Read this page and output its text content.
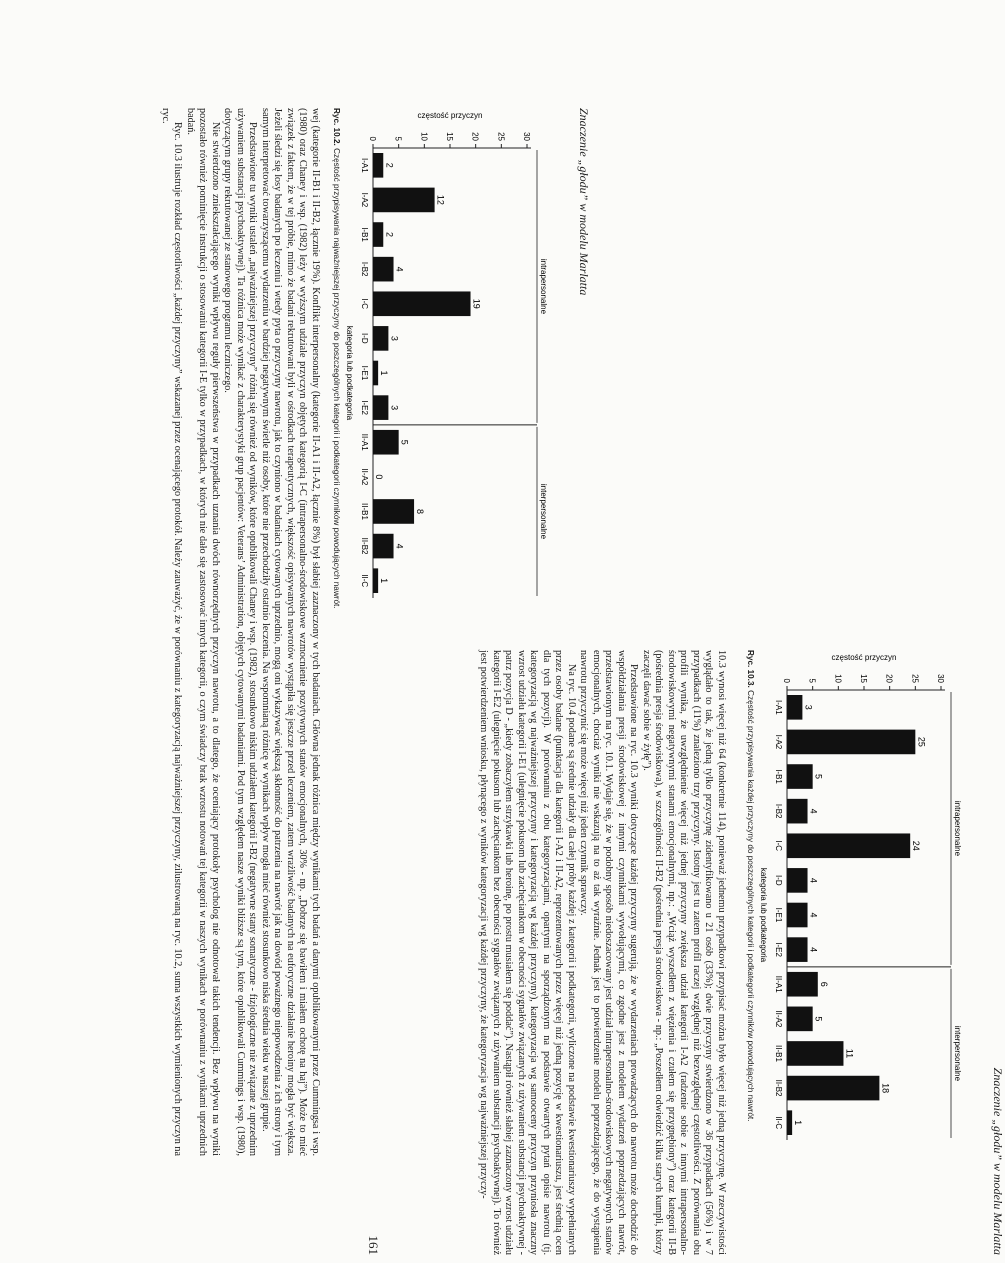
Znaczenie „głodu” w modelu Marlatta
częstość przyczyn
0 5 10 15 20 25 30
intrapersonalne
interpersonalne
2
I-A1
12
I-A2
2
I-B1
4
I-B2
19
I-C
3
I-D
1
I-E1
3
I-E2
5
II-A1
0
II-A2
8
II-B1
4
II-B2
1
II-C
kategoria lub podkategoria
Ryc. 10.2. Częstość przypisywania najważniejszej przyczyny do poszczególnych kategorii i podkategorii czynników powodujących nawrót.

wej (kategorie II-B1 i II-B2, łącznie 19%). Konflikt interpersonalny (kategorie II-A1 i II-A2, łącznie 8%) był słabiej zaznaczony w tych badaniach. Główna jednak różnica między wynikami tych badań a danymi opublikowanymi przez Cummingsa i wsp. (1980) oraz Chaney i wsp. (1982) leży w wyższym udziale przyczyn objętych kategorią I-C (intrapersonalno-środowiskowe wzmocnienie pozytywnych stanów emocjonalnych, 30% - np. „Dobrze się bawiłem i miałem ochotę na haj”). Może to mieć związek z faktem, że w tej próbie, mimo że badani rekrutowani byli w ośrodkach terapeutycznych, większość opisywanych nawrotów wystąpiła się jeszcze przed leczeniem, zatem wrażliwość badanych na euforyczne działanie heroiny mogła być większa. Jeżeli śledzi się losy badanych po leczeniu i wtedy pyta o przyczyny nawrotu, jak to czyniono w badaniach cytowanych uprzednio, mogą oni wykazywać większą skłonność do patrzenia na nawrót jak na dowód poważnego niepowodzenia z ich strony i tym samym interpretować towarzyszącemu wydarzeniu w bardziej negatywnym świetle niż osoby, które nie przechodziły ostatnio leczenia. Na wspomnianą różnicę w wynikach wpływ mogła mieć również stosunkowo niska średnia wieku w naszej grupie.

Przedstawione tu wyniki ustaleń „najważniejszej przyczyny” różnią się również od wyników, które opublikowali Chaney i wsp. (1982), stosunkowo niskim udziałem kategorii I-B2 (negatywne stany somatyczne - fizjologiczne nie związane z uprzednim używaniem substancji psychoaktywnej). Ta różnica może wynikać z charakterystyki grup pacjentów: Veterans’ Administration, objętych cytowanymi badaniami. Pod tym względem nasze wyniki bliższe są tym, które opublikowali Cummings i wsp. (1980), dotyczącym grupy rekrutowanej ze stanowego programu leczniczego.

Nie stwierdzono zniekształcającego wyniki wpływu reguły pierwszeństwa w przypadkach uznania dwóch równorzędnych przyczyn nawrotu, a to dlatego, że oceniający protokoły psycholog nie odnotował takich tendencji. Bez wpływu na wyniki pozostało również pominięcie instrukcji o stosowaniu kategorii I-E tylko w przypadkach, w których nie dało się zastosować innych kategorii, o czym świadczy brak wzrostu notowań tej kategorii w naszych wynikach w porównaniu z wynikami uprzednich badań.

Ryc. 10.3 ilustruje rozkład częstotliwości „każdej przyczyny” wskazanej przez ocenającego protokół. Należy zauważyć, że w porównaniu z kategoryzacją najważniejszej przyczyny, zilustrowaną na ryc. 10.2, suma wszystkich wymienionych przyczyn na ryc.

Znaczenie „głodu” w modelu Marlatta
częstość przyczyn
0 5 10 15 20 25 30
intrapersonalne
interpersonalne
3
I-A1
25
I-A2
5
I-B1
4
I-B2
24
I-C
4
I-D
4
I-E1
4
I-E2
6
II-A1
5
II-A2
11
II-B1
18
II-B2
1
II-C
kategoria lub podkategoria
Ryc. 10.3. Częstość przypisywania każdej przyczyny do poszczególnych kategorii i podkategorii czynników powodujących nawrót.

10.3 wynosi więcej niż 64 (konkretnie 114), ponieważ jednemu przypadkowi przypisać można było więcej niż jedną przyczynę. W rzeczywistości wyglądało to tak, że jedną tylko przyczynę zidentyfikowano u 21 osób (33%); dwie przyczyny stwierdzono w 36 przypadkach (56%) i w 7 przypadkach (11%) znaleziono trzy przyczyny. Istotny jest tu zatem profil raczej względnej niż bezwzględnej częstotliwości. Z porównania obu profili wynika, że uwzględnienie więcej niż jednej przyczyny zwiększa udział kategorii I-A2 (radzenie sobie z innymi intrapersonalno-środowiskowymi negatywnymi stanami emocjonalnymi, np.: „Wciąż wyszedłem z więzienia i czułem się przygnębiony”) oraz kategorii II-B (pośrednia presja środowiskowa), w szczególności II-B2 (pośrednia presja środowiskowa - np.: „Poszedłem odwiedzić kilku starych kumpli, którzy zaczęli dawać sobie w żyłę”).

Przedstawione na ryc. 10.3 wyniki dotyczące każdej przyczyny sugerują, że w wydarzeniach prowadzących do nawrotu może dochodzić do współdziałania presji środowiskowej z innymi czynnikami wywołującymi, co zgodne jest z modelem wydarzeń poprzedzających nawrót, przedstawionym na ryc. 10.1. Wydaje się, że w podobny sposób niedoszacowany jest udział intrapersonalno-środowiskowych negatywnych stanów emocjonalnych, chociaż wyniki nie wskazują na to aż tak wyraźnie. Jednak jest to potwierdzenie modelu poprzedzającego, że do wystąpienia nawrotu przyczynić się może więcej niż jeden czynnik sprawczy.

Na ryc. 10.4 podane są średnie udziały dla całej próby każdej z kategorii i podkategorii, wyliczone na podstawie kwestionariuszy wypełnianych przez osoby badane (punktacja dla kategorii I-A2 i II-A2, reprezentowanych przez więcej niż jedną pozycję w kwestionariuszu, jest średnią ocen dla tych pozycji). W porównaniu z obu kategoryzacjami, opartymi na sporządzonym na podstawie otwartych pytań opisie nawrotu (tj. kategoryzacją wg najważniejszej przyczyny i kategoryzacją wg każdej przyczyny), kategoryzacja wg samooceny przyczyn przyniosła znaczny wzrost udziału kategorii I-E1 (ulegnięcie pokusom lub zachęciankom w obecności sygnałów związanych z używaniem substancji psychoaktywnej - patrz pozycja D - „kiedy zobaczyłem strzykawki lub heroinę, po prostu musiałem się poddać”). Nastąpił również słabiej zaznaczony wzrost udziału kategorii I-E2 (ulegnięcie pokusom lub zachęciankom bez obecności sygnałów związanych z używaniem substancji psychoaktywnej). To również jest potwierdzeniem wniosku, płynącego z wyników kategoryzacji wg każdej przyczyny, że kategoryzacja wg najważniejszej przyczy-

161
